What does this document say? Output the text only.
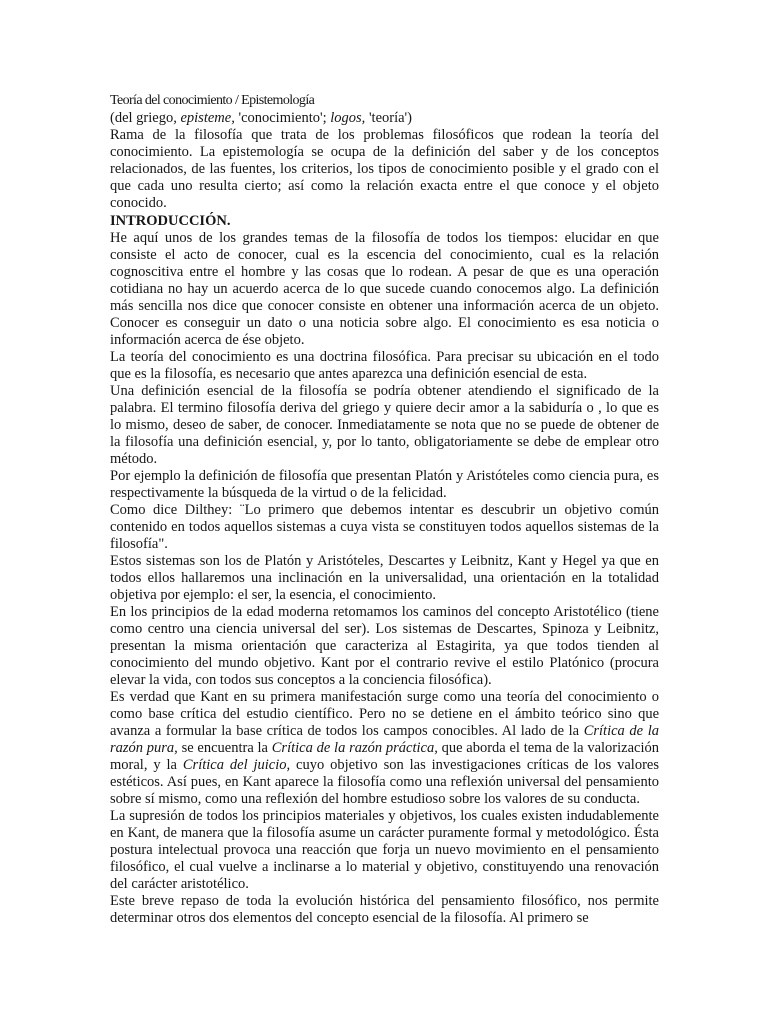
Teoría del conocimiento / Epistemología

(del griego, episteme, 'conocimiento'; logos, 'teoría')

Rama de la filosofía que trata de los problemas filosóficos que rodean la teoría del conocimiento. La epistemología se ocupa de la definición del saber y de los conceptos relacionados, de las fuentes, los criterios, los tipos de conocimiento posible y el grado con el que cada uno resulta cierto; así como la relación exacta entre el que conoce y el objeto conocido.

INTRODUCCIÓN.

He aquí unos de los grandes temas de la filosofía de todos los tiempos: elucidar en que consiste el acto de conocer, cual es la escencia del conocimiento, cual es la relación cognoscitiva entre el hombre y las cosas que lo rodean. A pesar de que es una operación cotidiana no hay un acuerdo acerca de lo que sucede cuando conocemos algo. La definición más sencilla nos dice que conocer consiste en obtener una información acerca de un objeto. Conocer es conseguir un dato o una noticia sobre algo. El conocimiento es esa noticia o información acerca de ése objeto.

La teoría del conocimiento es una doctrina filosófica. Para precisar su ubicación en el todo que es la filosofía, es necesario que antes aparezca una definición esencial de esta.

Una definición esencial de la filosofía se podría obtener atendiendo el significado de la palabra. El termino filosofía deriva del griego y quiere decir amor a la sabiduría o , lo que es lo mismo, deseo de saber, de conocer. Inmediatamente se nota que no se puede de obtener de la filosofía una definición esencial, y, por lo tanto, obligatoriamente se debe de emplear otro método.

Por ejemplo la definición de filosofía que presentan Platón y Aristóteles como ciencia pura, es respectivamente la búsqueda de la virtud o de la felicidad.

Como dice Dilthey: ¨Lo primero que debemos intentar es descubrir un objetivo común contenido en todos aquellos sistemas a cuya vista se constituyen todos aquellos sistemas de la filosofía".

Estos sistemas son los de Platón y Aristóteles, Descartes y Leibnitz, Kant y Hegel ya que en todos ellos hallaremos una inclinación en la universalidad, una orientación en la totalidad objetiva por ejemplo: el ser, la esencia, el conocimiento.

En los principios de la edad moderna retomamos los caminos del concepto Aristotélico (tiene como centro una ciencia universal del ser). Los sistemas de Descartes, Spinoza y Leibnitz, presentan la misma orientación que caracteriza al Estagirita, ya que todos tienden al conocimiento del mundo objetivo. Kant por el contrario revive el estilo Platónico (procura elevar la vida, con todos sus conceptos a la conciencia filosófica).

Es verdad que Kant en su primera manifestación surge como una teoría del conocimiento o como base crítica del estudio científico. Pero no se detiene en el ámbito teórico sino que avanza a formular la base crítica de todos los campos conocibles. Al lado de la Crítica de la razón pura, se encuentra la Crítica de la razón práctica, que aborda el tema de la valorización moral, y la Crítica del juicio, cuyo objetivo son las investigaciones críticas de los valores estéticos. Así pues, en Kant aparece la filosofía como una reflexión universal del pensamiento sobre sí mismo, como una reflexión del hombre estudioso sobre los valores de su conducta.

La supresión de todos los principios materiales y objetivos, los cuales existen indudablemente en Kant, de manera que la filosofía asume un carácter puramente formal y metodológico. Ésta postura intelectual provoca una reacción que forja un nuevo movimiento en el pensamiento filosófico, el cual vuelve a inclinarse a lo material y objetivo, constituyendo una renovación del carácter aristotélico.

Este breve repaso de toda la evolución histórica del pensamiento filosófico, nos permite determinar otros dos elementos del concepto esencial de la filosofía. Al primero se
